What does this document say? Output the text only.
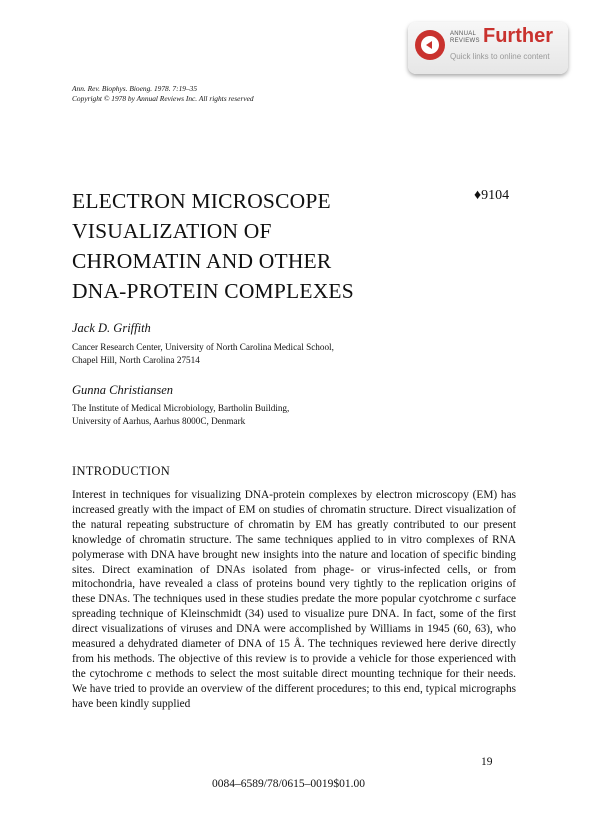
ANNUAL
REVIEWS Further
Quick links to online content
Ann. Rev. Biophys. Bioeng. 1978. 7:19–35
Copyright © 1978 by Annual Reviews Inc. All rights reserved
ELECTRON MICROSCOPE
VISUALIZATION OF
CHROMATIN AND OTHER
DNA-PROTEIN COMPLEXES
♦9104
Jack D. Griffith
Cancer Research Center, University of North Carolina Medical School,
Chapel Hill, North Carolina 27514
Gunna Christiansen
The Institute of Medical Microbiology, Bartholin Building,
University of Aarhus, Aarhus 8000C, Denmark
INTRODUCTION
Interest in techniques for visualizing DNA-protein complexes by electron microscopy (EM) has increased greatly with the impact of EM on studies of chromatin structure. Direct visualization of the natural repeating substructure of chromatin by EM has greatly contributed to our present knowledge of chromatin structure. The same techniques applied to in vitro complexes of RNA polymerase with DNA have brought new insights into the nature and location of specific binding sites. Direct examination of DNAs isolated from phage- or virus-infected cells, or from mitochondria, have revealed a class of proteins bound very tightly to the replication origins of these DNAs. The techniques used in these studies predate the more popular cyotchrome c surface spreading technique of Kleinschmidt (34) used to visualize pure DNA. In fact, some of the first direct visualizations of viruses and DNA were accomplished by Williams in 1945 (60, 63), who measured a dehydrated diameter of DNA of 15 Å. The techniques reviewed here derive directly from his methods. The objective of this review is to provide a vehicle for those experienced with the cytochrome c methods to select the most suitable direct mounting technique for their needs. We have tried to provide an overview of the different procedures; to this end, typical micrographs have been kindly supplied
19
0084–6589/78/0615–0019$01.00
